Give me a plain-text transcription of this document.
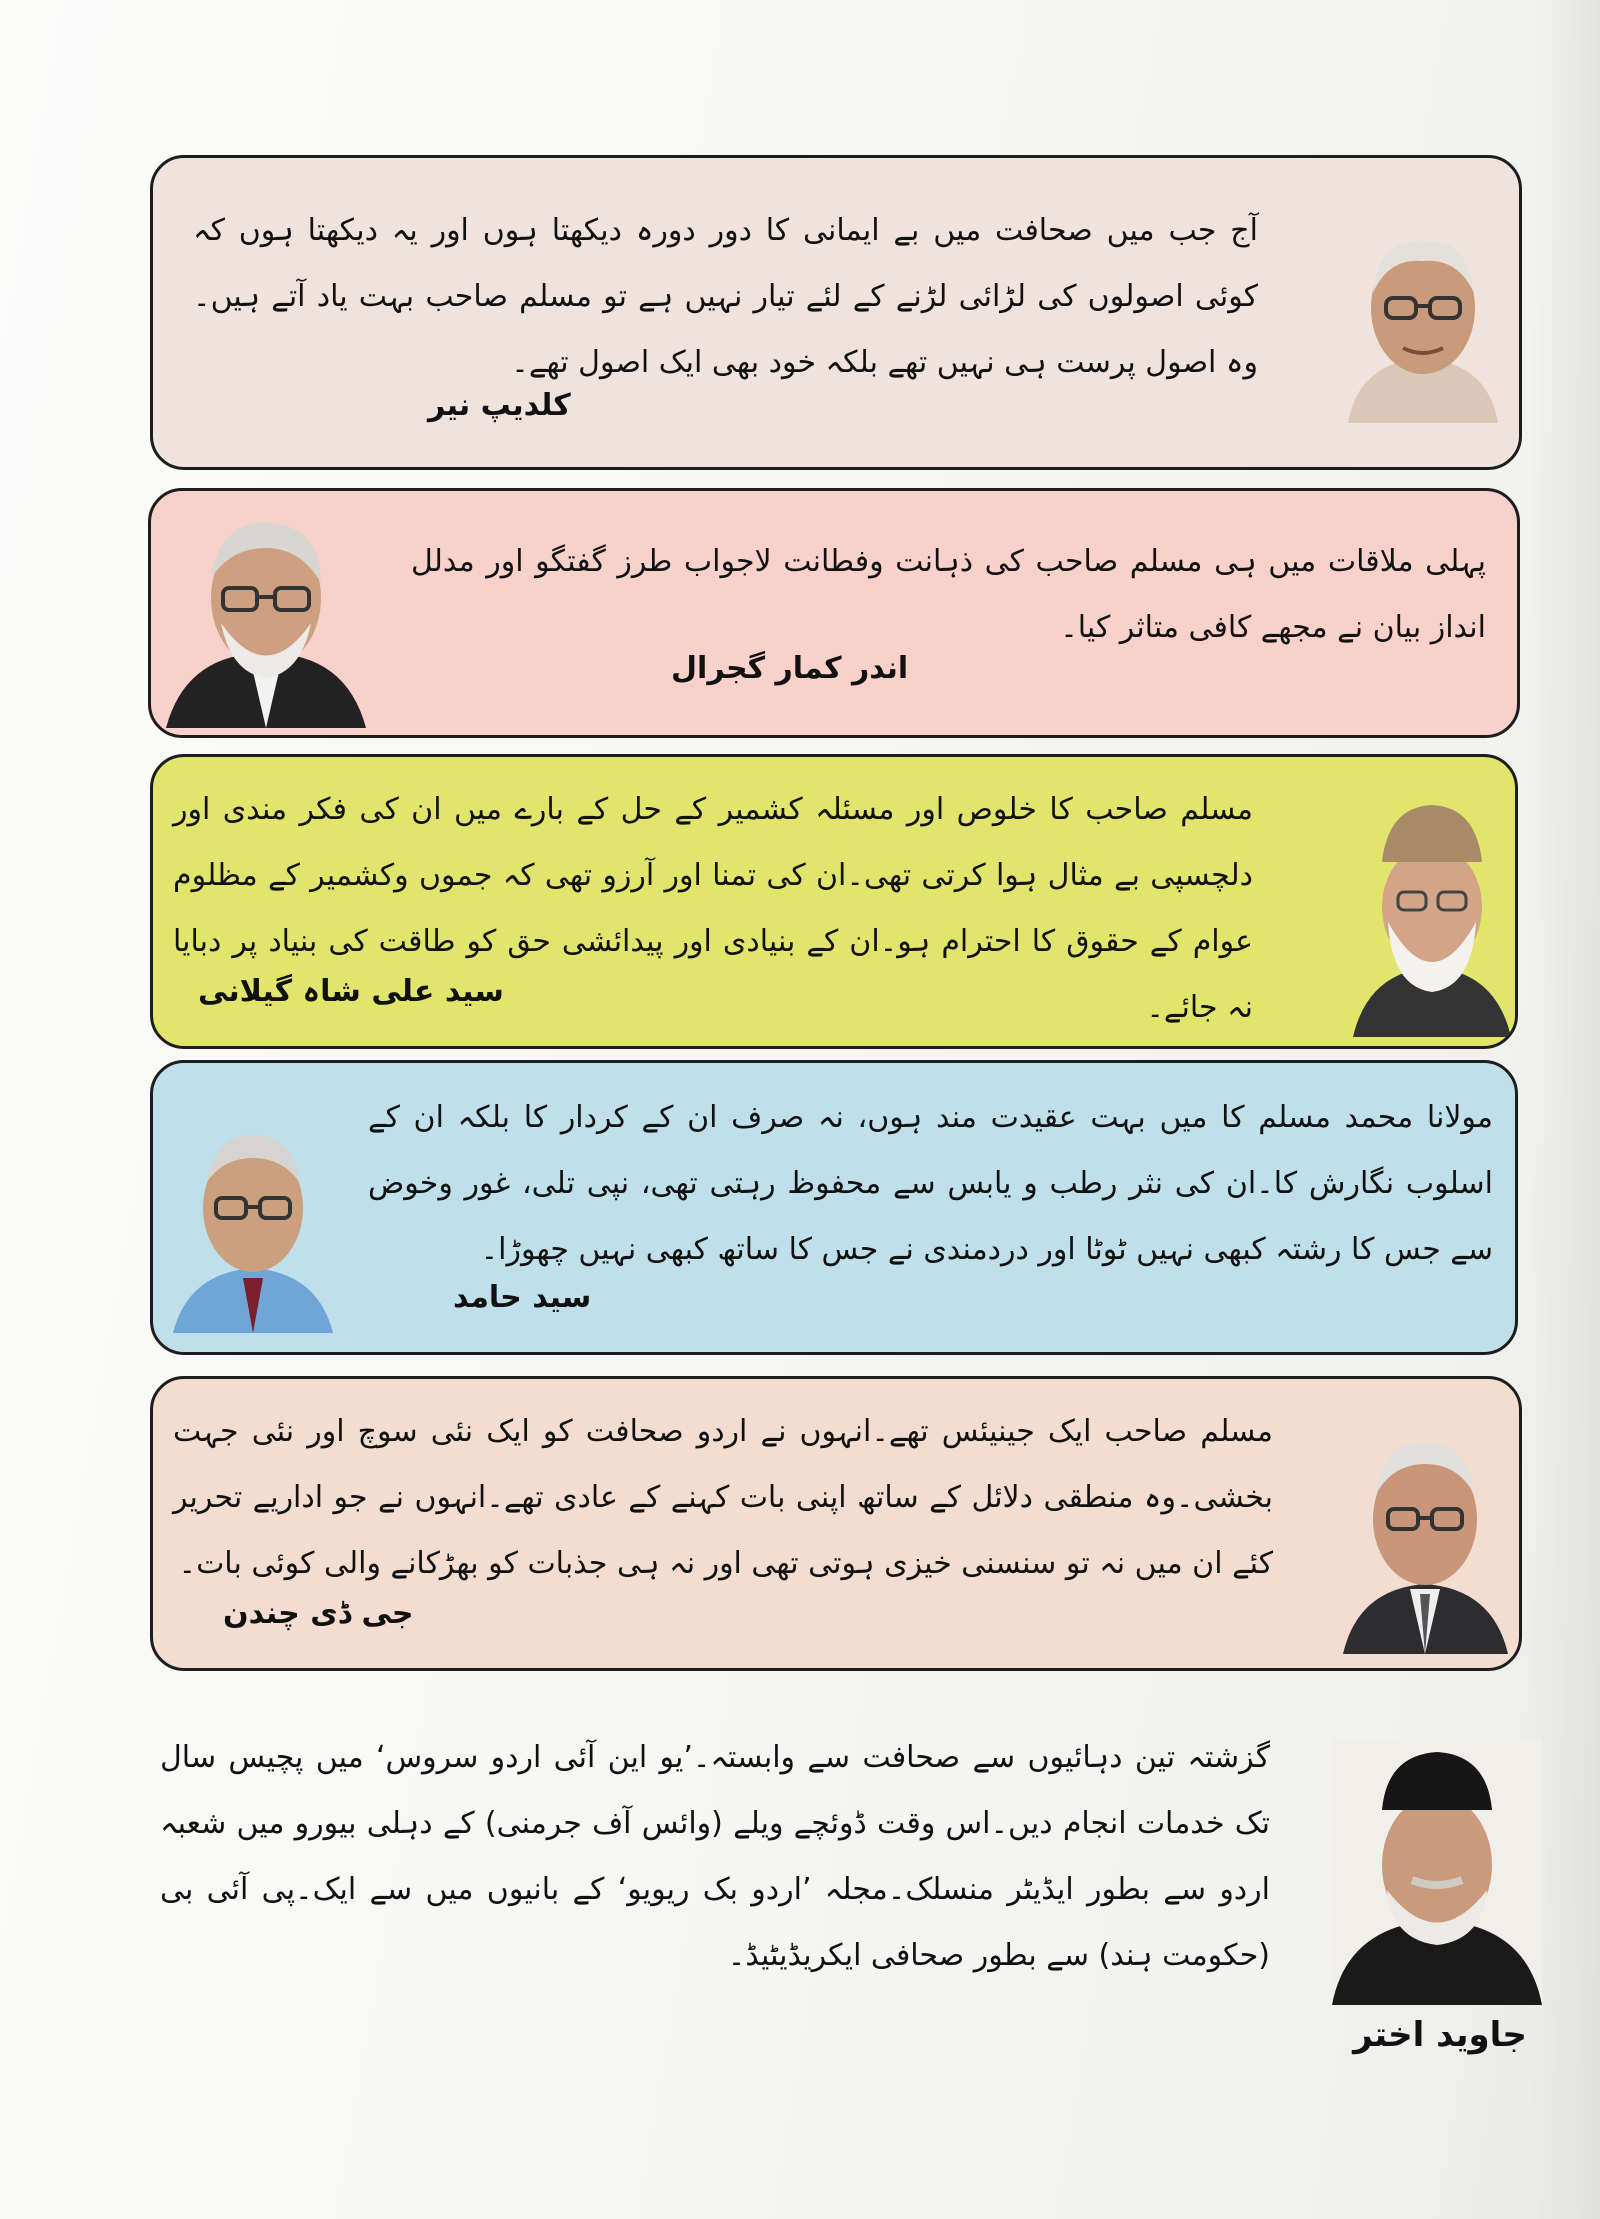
آج جب میں صحافت میں بے ایمانی کا دور دورہ دیکھتا ہوں اور یہ دیکھتا ہوں کہ کوئی اصولوں کی لڑائی لڑنے کے لئے تیار نہیں ہے تو مسلم صاحب بہت یاد آتے ہیں۔وہ اصول پرست ہی نہیں تھے بلکہ خود بھی ایک اصول تھے۔
کلدیپ نیر
پہلی ملاقات میں ہی مسلم صاحب کی ذہانت وفطانت لاجواب طرز گفتگو اور مدلل انداز بیان نے مجھے کافی متاثر کیا۔
اندر کمار گجرال
مسلم صاحب کا خلوص اور مسئلہ کشمیر کے حل کے بارے میں ان کی فکر مندی اور دلچسپی بے مثال ہوا کرتی تھی۔ان کی تمنا اور آرزو تھی کہ جموں وکشمیر کے مظلوم عوام کے حقوق کا احترام ہو۔ان کے بنیادی اور پیدائشی حق کو طاقت کی بنیاد پر دبایا نہ جائے۔
سید علی شاہ گیلانی
مولانا محمد مسلم کا میں بہت عقیدت مند ہوں، نہ صرف ان کے کردار کا بلکہ ان کے اسلوب نگارش کا۔ان کی نثر رطب و یابس سے محفوظ رہتی تھی، نپی تلی، غور وخوض سے جس کا رشتہ کبھی نہیں ٹوٹا اور دردمندی نے جس کا ساتھ کبھی نہیں چھوڑا۔
سید حامد
مسلم صاحب ایک جینیئس تھے۔انہوں نے اردو صحافت کو ایک نئی سوچ اور نئی جہت بخشی۔وہ منطقی دلائل کے ساتھ اپنی بات کہنے کے عادی تھے۔انہوں نے جو اداریے تحریر کئے ان میں نہ تو سنسنی خیزی ہوتی تھی اور نہ ہی جذبات کو بھڑکانے والی کوئی بات۔
جی ڈی چندن
گزشتہ تین دہائیوں سے صحافت سے وابستہ۔’یو این آئی اردو سروس‘ میں پچیس سال تک خدمات انجام دیں۔اس وقت ڈوئچے ویلے (وائس آف جرمنی) کے دہلی بیورو میں شعبہ اردو سے بطور ایڈیٹر منسلک۔مجلہ ’اردو بک ریویو‘ کے بانیوں میں سے ایک۔پی آئی بی (حکومت ہند) سے بطور صحافی ایکریڈیٹیڈ۔
جاوید اختر
